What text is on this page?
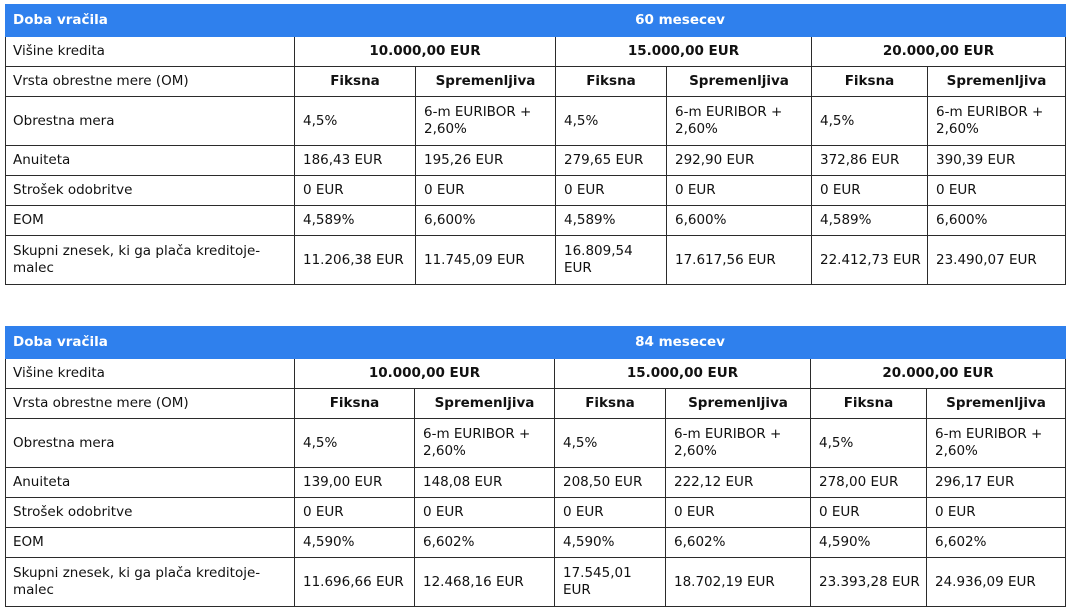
Doba vračila	60 mesecev					
Višine kredita	10.000,00 EUR		15.000,00 EUR		20.000,00 EUR	
Vrsta obrestne mere (OM)	Fiksna	Spremenljiva	Fiksna	Spremenljiva	Fiksna	Spremenljiva
Obrestna mera	4,5%	6-m EURIBOR + 2,60%	4,5%	6-m EURIBOR + 2,60%	4,5%	6-m EURIBOR + 2,60%
Anuiteta	186,43 EUR	195,26 EUR	279,65 EUR	292,90 EUR	372,86 EUR	390,39 EUR
Strošek odobritve	0 EUR	0 EUR	0 EUR	0 EUR	0 EUR	0 EUR
EOM	4,589%	6,600%	4,589%	6,600%	4,589%	6,600%
Skupni znesek, ki ga plača kreditoje-malec	11.206,38 EUR	11.745,09 EUR	16.809,54 EUR	17.617,56 EUR	22.412,73 EUR	23.490,07 EUR
Doba vračila	84 mesecev					
Višine kredita	10.000,00 EUR		15.000,00 EUR		20.000,00 EUR	
Vrsta obrestne mere (OM)	Fiksna	Spremenljiva	Fiksna	Spremenljiva	Fiksna	Spremenljiva
Obrestna mera	4,5%	6-m EURIBOR + 2,60%	4,5%	6-m EURIBOR + 2,60%	4,5%	6-m EURIBOR + 2,60%
Anuiteta	139,00 EUR	148,08 EUR	208,50 EUR	222,12 EUR	278,00 EUR	296,17 EUR
Strošek odobritve	0 EUR	0 EUR	0 EUR	0 EUR	0 EUR	0 EUR
EOM	4,590%	6,602%	4,590%	6,602%	4,590%	6,602%
Skupni znesek, ki ga plača kreditoje-malec	11.696,66 EUR	12.468,16 EUR	17.545,01 EUR	18.702,19 EUR	23.393,28 EUR	24.936,09 EUR
